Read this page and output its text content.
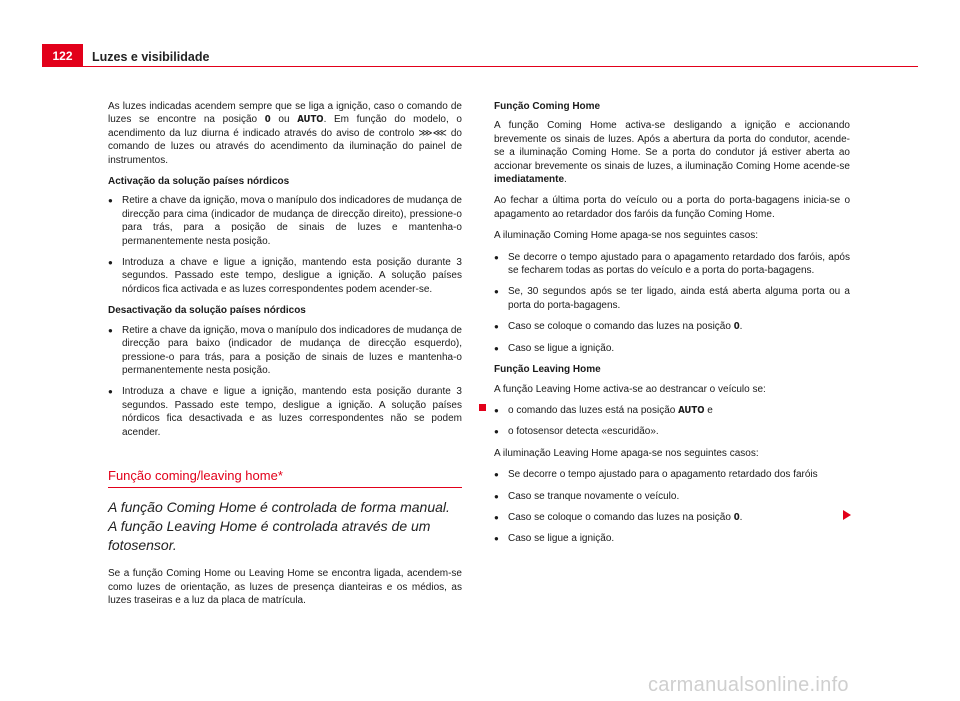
122	Luzes e visibilidade

As luzes indicadas acendem sempre que se liga a ignição, caso o comando de luzes se encontre na posição 0 ou AUTO. Em função do modelo, o acendimento da luz diurna é indicado através do aviso de controlo ⋙⋘ do comando de luzes ou através do acendimento da iluminação do painel de instrumentos.

Activação da solução países nórdicos

● Retire a chave da ignição, mova o manípulo dos indicadores de mudança de direcção para cima (indicador de mudança de direcção direito), pressione-o para trás, para a posição de sinais de luzes e mantenha-o permanentemente nesta posição.

● Introduza a chave e ligue a ignição, mantendo esta posição durante 3 segundos. Passado este tempo, desligue a ignição. A solução países nórdicos fica activada e as luzes correspondentes podem acender-se.

Desactivação da solução países nórdicos

● Retire a chave da ignição, mova o manípulo dos indicadores de mudança de direcção para baixo (indicador de mudança de direcção esquerdo), pressione-o para trás, para a posição de sinais de luzes e mantenha-o permanentemente nesta posição.

● Introduza a chave e ligue a ignição, mantendo esta posição durante 3 segundos. Passado este tempo, desligue a ignição. A solução países nórdicos fica desactivada e as luzes correspondentes não se podem acender.

Função coming/leaving home*
A função Coming Home é controlada de forma manual. A função Leaving Home é controlada através de um fotosensor.

Se a função Coming Home ou Leaving Home se encontra ligada, acendem-se como luzes de orientação, as luzes de presença dianteiras e os médios, as luzes traseiras e a luz da placa de matrícula.

Função Coming Home

A função Coming Home activa-se desligando a ignição e accionando brevemente os sinais de luzes. Após a abertura da porta do condutor, acende-se a iluminação Coming Home. Se a porta do condutor já estiver aberta ao accionar brevemente os sinais de luzes, a iluminação Coming Home acende-se imediatamente.

Ao fechar a última porta do veículo ou a porta do porta-bagagens inicia-se o apagamento ao retardador dos faróis da função Coming Home.

A iluminação Coming Home apaga-se nos seguintes casos:

● Se decorre o tempo ajustado para o apagamento retardado dos faróis, após se fecharem todas as portas do veículo e a porta do porta-bagagens.

● Se, 30 segundos após se ter ligado, ainda está aberta alguma porta ou a porta do porta-bagagens.

● Caso se coloque o comando das luzes na posição 0.

● Caso se ligue a ignição.

Função Leaving Home

A função Leaving Home activa-se ao destrancar o veículo se:

● o comando das luzes está na posição AUTO e

● o fotosensor detecta «escuridão».

A iluminação Leaving Home apaga-se nos seguintes casos:

● Se decorre o tempo ajustado para o apagamento retardado dos faróis

● Caso se tranque novamente o veículo.

● Caso se coloque o comando das luzes na posição 0.

● Caso se ligue a ignição.

carmanualsonline.info
